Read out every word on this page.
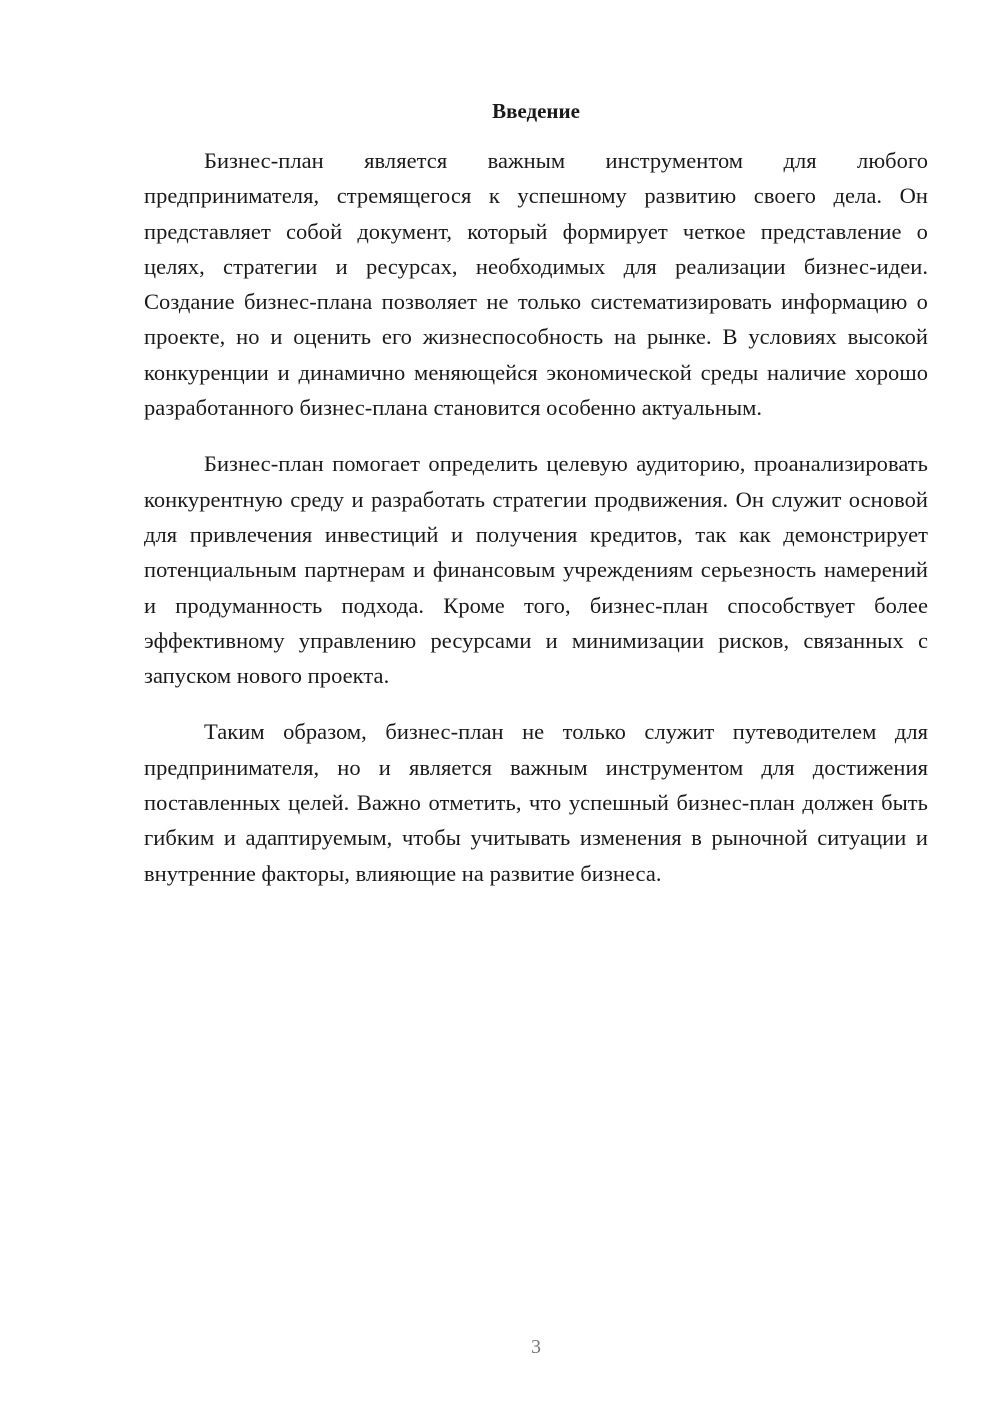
Введение

Бизнес-план является важным инструментом для любого предпринимателя, стремящегося к успешному развитию своего дела. Он представляет собой документ, который формирует четкое представление о целях, стратегии и ресурсах, необходимых для реализации бизнес-идеи. Создание бизнес-плана позволяет не только систематизировать информацию о проекте, но и оценить его жизнеспособность на рынке. В условиях высокой конкуренции и динамично меняющейся экономической среды наличие хорошо разработанного бизнес-плана становится особенно актуальным.

Бизнес-план помогает определить целевую аудиторию, проанализировать конкурентную среду и разработать стратегии продвижения. Он служит основой для привлечения инвестиций и получения кредитов, так как демонстрирует потенциальным партнерам и финансовым учреждениям серьезность намерений и продуманность подхода. Кроме того, бизнес-план способствует более эффективному управлению ресурсами и минимизации рисков, связанных с запуском нового проекта.

Таким образом, бизнес-план не только служит путеводителем для предпринимателя, но и является важным инструментом для достижения поставленных целей. Важно отметить, что успешный бизнес-план должен быть гибким и адаптируемым, чтобы учитывать изменения в рыночной ситуации и внутренние факторы, влияющие на развитие бизнеса.

3
